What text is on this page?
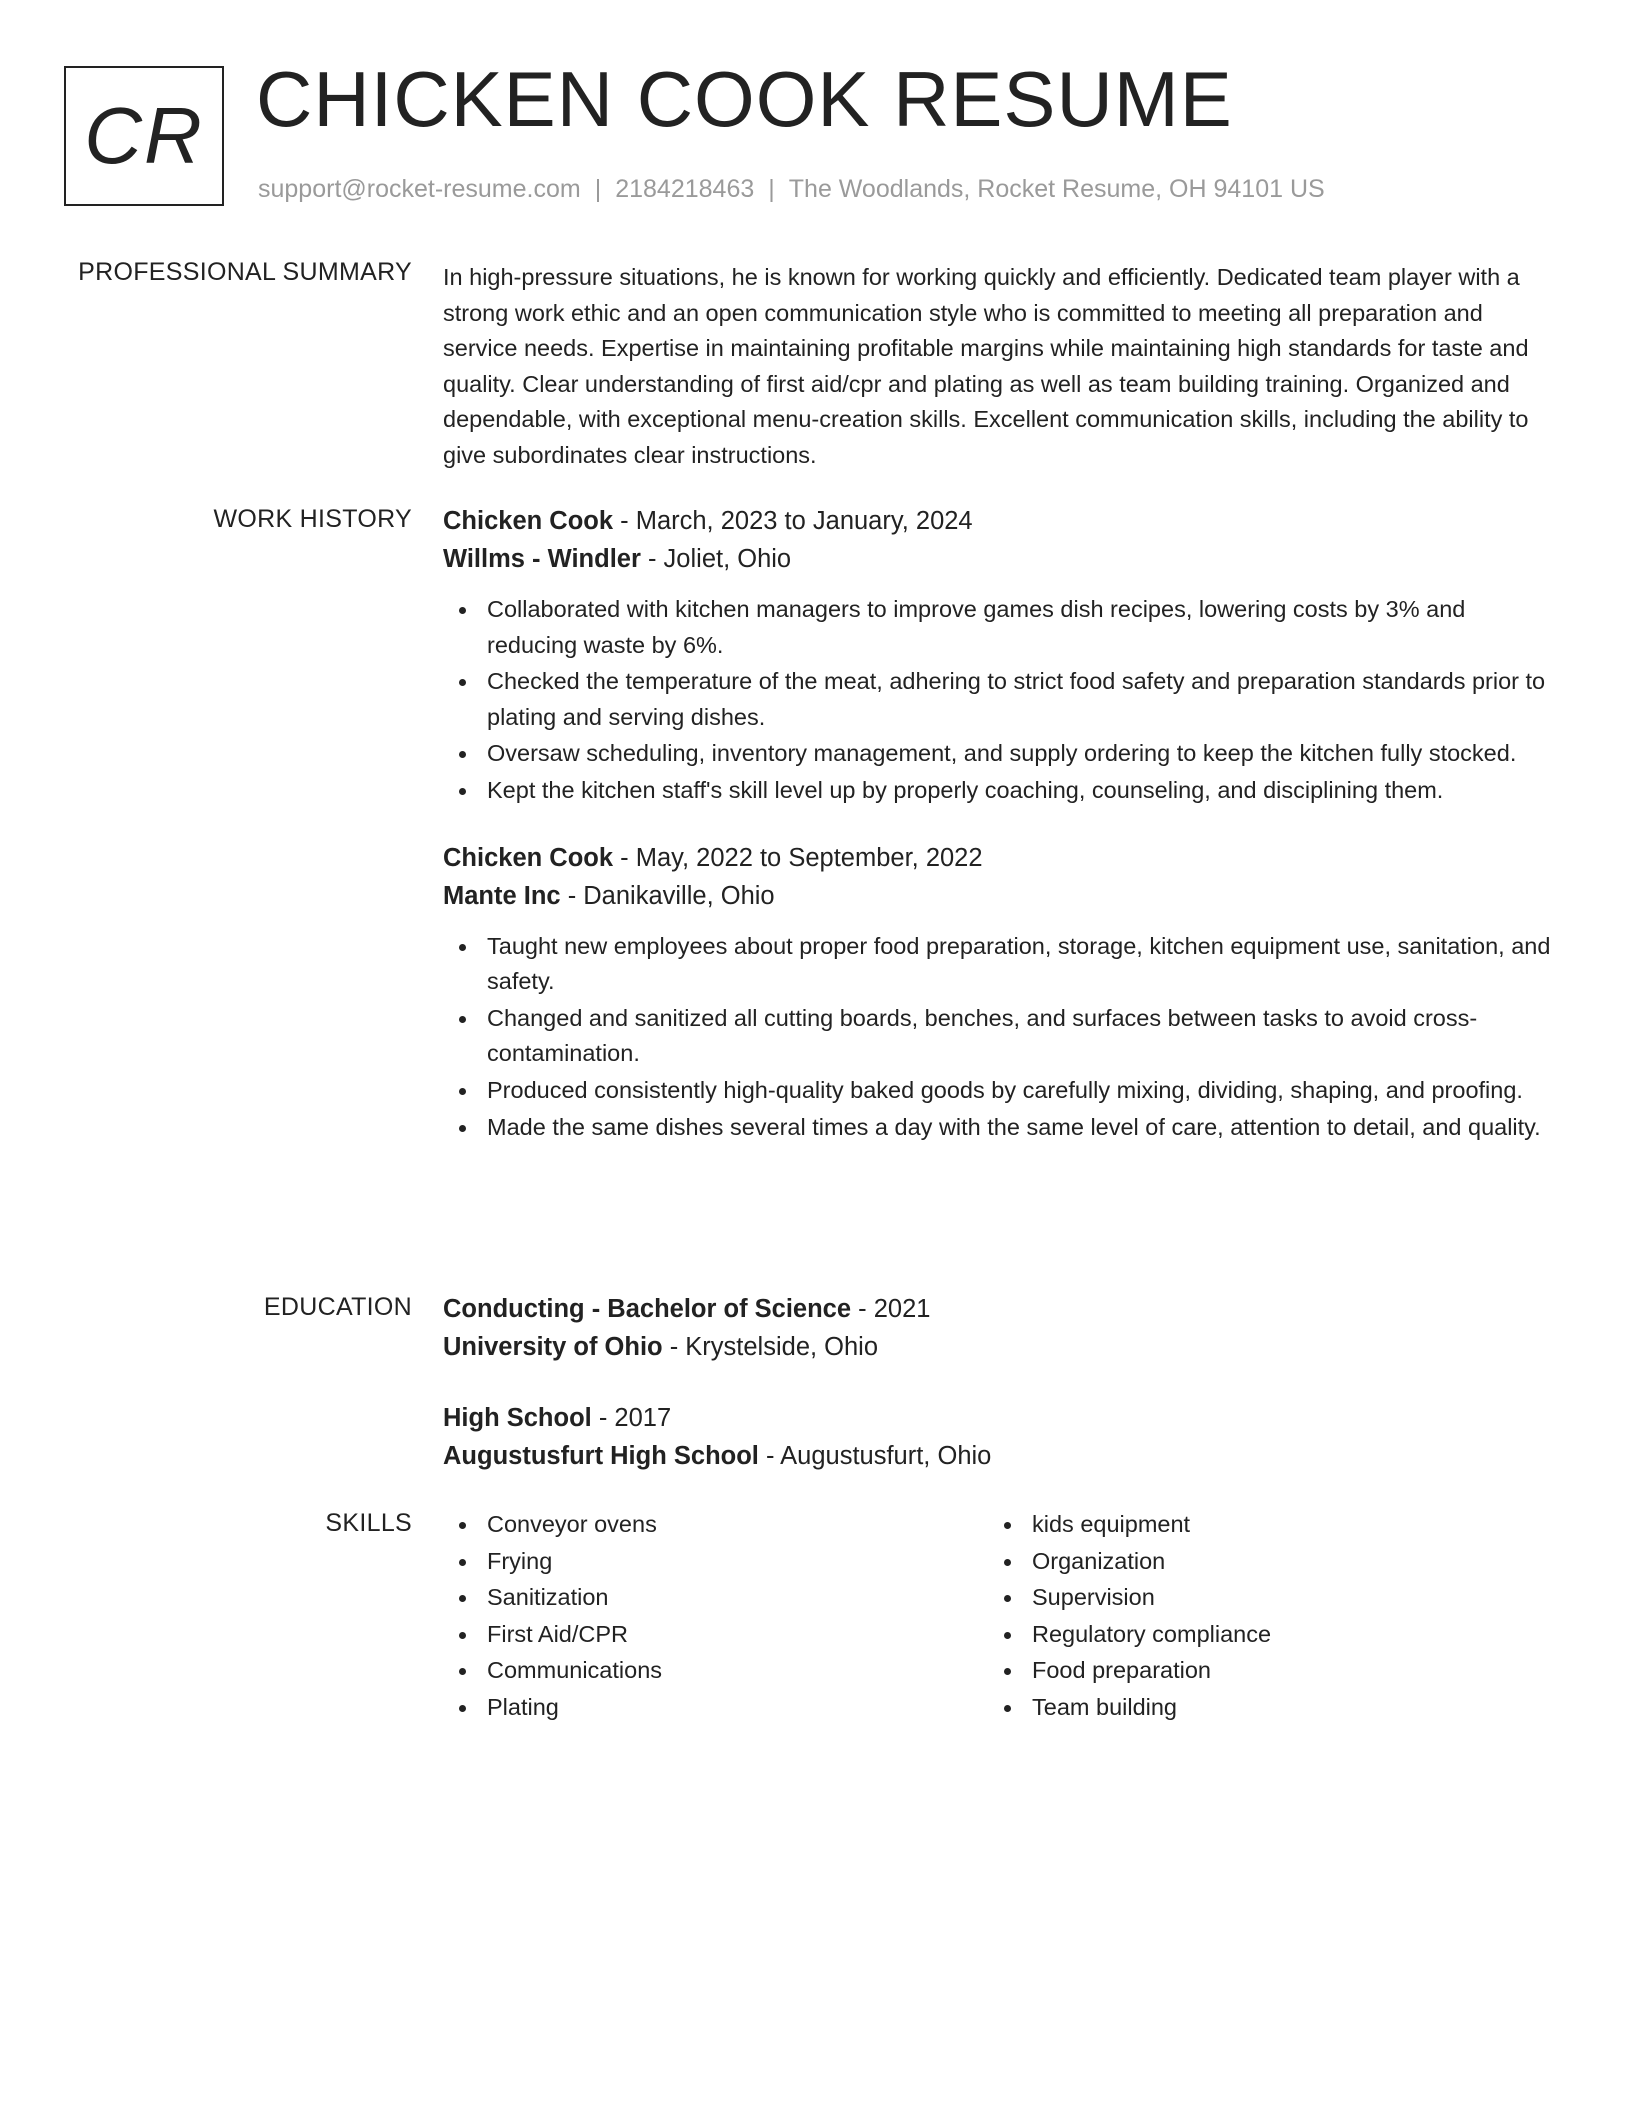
CR CHICKEN COOK RESUME
support@rocket-resume.com | 2184218463 | The Woodlands, Rocket Resume, OH 94101 US
PROFESSIONAL SUMMARY In high-pressure situations, he is known for working quickly and efficiently. Dedicated team player with a strong work ethic and an open communication style who is committed to meeting all preparation and service needs. Expertise in maintaining profitable margins while maintaining high standards for taste and quality. Clear understanding of first aid/cpr and plating as well as team building training. Organized and dependable, with exceptional menu-creation skills. Excellent communication skills, including the ability to give subordinates clear instructions.

WORK HISTORY Chicken Cook - March, 2023 to January, 2024

Willms - Windler - Joliet, Ohio

Collaborated with kitchen managers to improve games dish recipes, lowering costs by 3% and reducing waste by 6%.
Checked the temperature of the meat, adhering to strict food safety and preparation standards prior to plating and serving dishes.
Oversaw scheduling, inventory management, and supply ordering to keep the kitchen fully stocked.
Kept the kitchen staff's skill level up by properly coaching, counseling, and disciplining them.

Chicken Cook - May, 2022 to September, 2022

Mante Inc - Danikaville, Ohio

Taught new employees about proper food preparation, storage, kitchen equipment use, sanitation, and safety.
Changed and sanitized all cutting boards, benches, and surfaces between tasks to avoid cross-contamination.
Produced consistently high-quality baked goods by carefully mixing, dividing, shaping, and proofing.
Made the same dishes several times a day with the same level of care, attention to detail, and quality.
EDUCATION Conducting - Bachelor of Science - 2021

University of Ohio - Krystelside, Ohio

High School - 2017

Augustusfurt High School - Augustusfurt, Ohio

SKILLS	Conveyor ovens
Frying
Sanitization
First Aid/CPR
Communications
Plating
kids equipment
Organization
Supervision
Regulatory compliance
Food preparation
Team building
